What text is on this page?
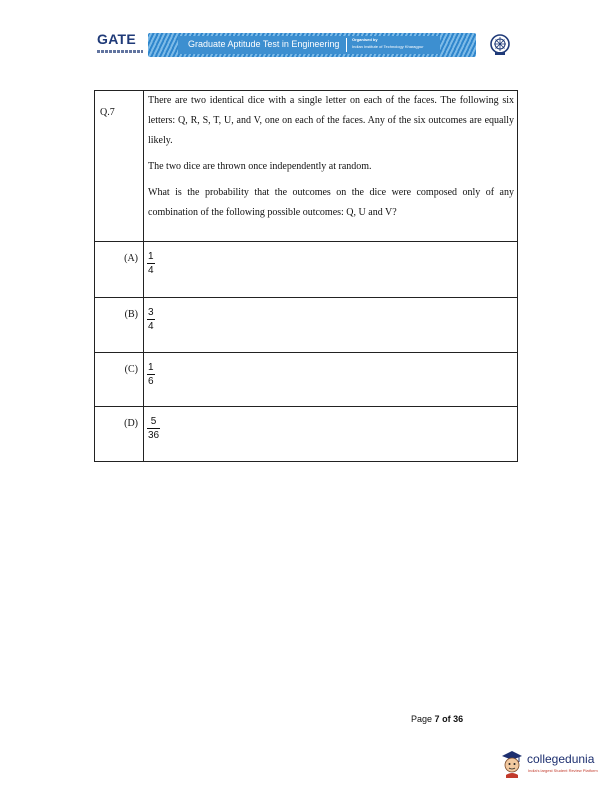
GATE	Graduate Aptitude Test in Engineering	Organised by
Indian Institute of Technology Kharagpur
Q.7

There are two identical dice with a single letter on each of the faces. The following six letters: Q, R, S, T, U, and V, one on each of the faces. Any of the six outcomes are equally likely.

The two dice are thrown once independently at random.

What is the probability that the outcomes on the dice were composed only of any combination of the following possible outcomes: Q, U and V?

(A) 1
4
(B) 3
4
(C) 1
6
(D)	5
36
Page 7 of 36
collegedunia
India's largest Student Review Platform
